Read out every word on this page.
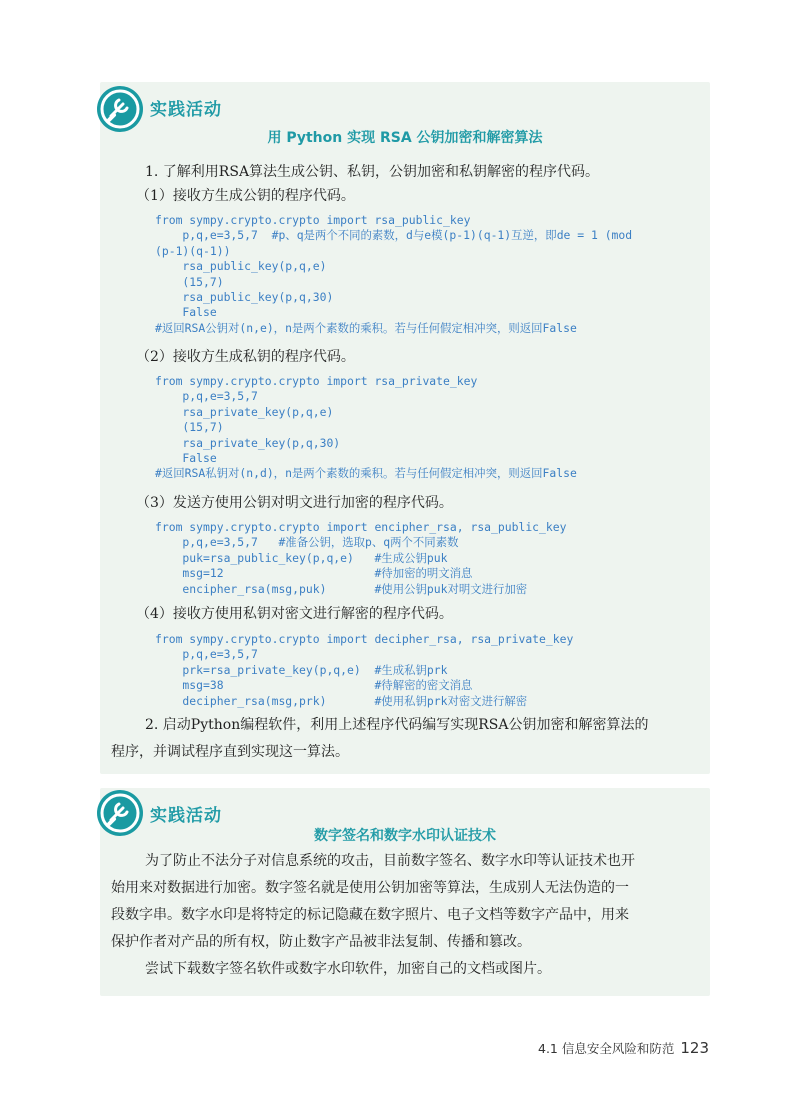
实践活动
用 Python 实现 RSA 公钥加密和解密算法
1. 了解利用RSA算法生成公钥、私钥，公钥加密和私钥解密的程序代码。
（1）接收方生成公钥的程序代码。
from sympy.crypto.crypto import rsa_public_key
p,q,e=3,5,7  #p、q是两个不同的素数，d与e模(p-1)(q-1)互逆，即de = 1 (mod
(p-1)(q-1))
rsa_public_key(p,q,e)
(15,7)
rsa_public_key(p,q,30)
False
#返回RSA公钥对(n,e)，n是两个素数的乘积。若与任何假定相冲突，则返回False
（2）接收方生成私钥的程序代码。
from sympy.crypto.crypto import rsa_private_key
p,q,e=3,5,7
rsa_private_key(p,q,e)
(15,7)
rsa_private_key(p,q,30)
False
#返回RSA私钥对(n,d)，n是两个素数的乘积。若与任何假定相冲突，则返回False
（3）发送方使用公钥对明文进行加密的程序代码。
from sympy.crypto.crypto import encipher_rsa, rsa_public_key
p,q,e=3,5,7   #准备公钥，选取p、q两个不同素数
puk=rsa_public_key(p,q,e)   #生成公钥puk
msg=12                      #待加密的明文消息
encipher_rsa(msg,puk)       #使用公钥puk对明文进行加密
（4）接收方使用私钥对密文进行解密的程序代码。
from sympy.crypto.crypto import decipher_rsa, rsa_private_key
p,q,e=3,5,7
prk=rsa_private_key(p,q,e)  #生成私钥prk
msg=38                      #待解密的密文消息
decipher_rsa(msg,prk)       #使用私钥prk对密文进行解密
2. 启动Python编程软件，利用上述程序代码编写实现RSA公钥加密和解密算法的
程序，并调试程序直到实现这一算法。
实践活动
数字签名和数字水印认证技术
为了防止不法分子对信息系统的攻击，目前数字签名、数字水印等认证技术也开
始用来对数据进行加密。数字签名就是使用公钥加密等算法，生成别人无法伪造的一
段数字串。数字水印是将特定的标记隐藏在数字照片、电子文档等数字产品中，用来
保护作者对产品的所有权，防止数字产品被非法复制、传播和篡改。
尝试下载数字签名软件或数字水印软件，加密自己的文档或图片。
4.1 信息安全风险和防范 123
